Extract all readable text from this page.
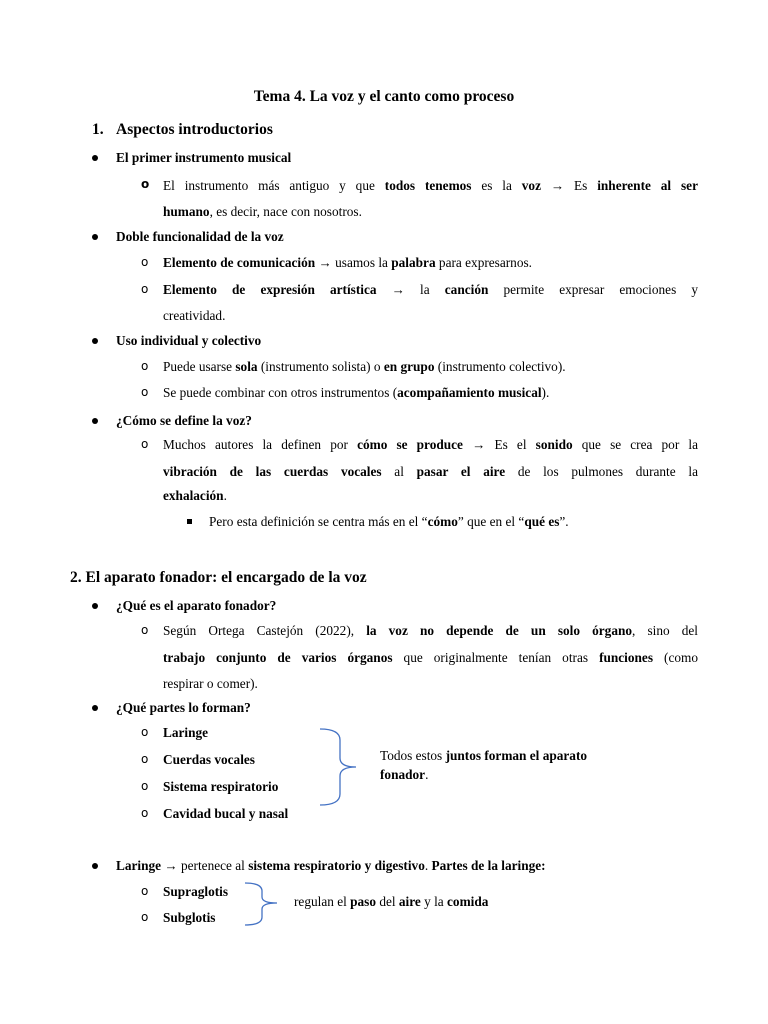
Tema 4. La voz y el canto como proceso
1. Aspectos introductorios
El primer instrumento musical
o El instrumento más antiguo y que todos tenemos es la voz → Es inherente al ser
humano, es decir, nace con nosotros.
Doble funcionalidad de la voz
o Elemento de comunicación → usamos la palabra para expresarnos.
o Elemento de expresión artística → la canción permite expresar emociones y
creatividad.
Uso individual y colectivo
o Puede usarse sola (instrumento solista) o en grupo (instrumento colectivo).
o Se puede combinar con otros instrumentos (acompañamiento musical).
¿Cómo se define la voz?
o Muchos autores la definen por cómo se produce → Es el sonido que se crea por la
vibración de las cuerdas vocales al pasar el aire de los pulmones durante la
exhalación.
Pero esta definición se centra más en el “cómo” que en el “qué es”.
2. El aparato fonador: el encargado de la voz
¿Qué es el aparato fonador?
o Según Ortega Castejón (2022), la voz no depende de un solo órgano, sino del
trabajo conjunto de varios órganos que originalmente tenían otras funciones (como
respirar o comer).
¿Qué partes lo forman?
o Laringe
o Cuerdas vocales
o Sistema respiratorio
o Cavidad bucal y nasal
Todos estos juntos forman el aparato
fonador.
Laringe → pertenece al sistema respiratorio y digestivo. Partes de la laringe:
o Supraglotis
o Subglotis
regulan el paso del aire y la comida
